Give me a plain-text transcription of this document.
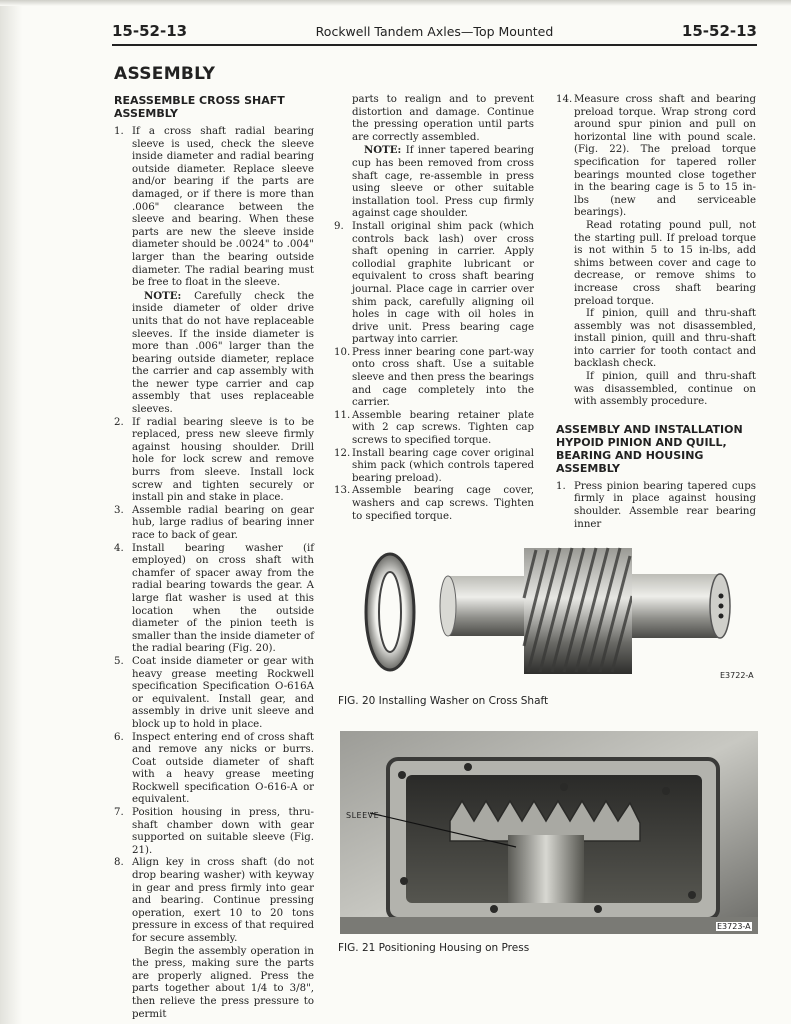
15-52-13	Rockwell Tandem Axles—Top Mounted	15-52-13
ASSEMBLY
REASSEMBLE CROSS SHAFT ASSEMBLY
1. If a cross shaft radial bearing sleeve is used, check the sleeve inside diameter and radial bearing outside diameter. Replace sleeve and/or bearing if the parts are damaged, or if there is more than .006" clearance between the sleeve and bearing. When these parts are new the sleeve inside diameter should be .0024" to .004" larger than the bearing outside diameter. The radial bearing must be free to float in the sleeve.

NOTE: Carefully check the inside diameter of older drive units that do not have replaceable sleeves. If the inside diameter is more than .006" larger than the bearing outside diameter, replace the carrier and cap assembly with the newer type carrier and cap assembly that uses replaceable sleeves.

2. If radial bearing sleeve is to be replaced, press new sleeve firmly against housing shoulder. Drill hole for lock screw and remove burrs from sleeve. Install lock screw and tighten securely or install pin and stake in place.
3. Assemble radial bearing on gear hub, large radius of bearing inner race to back of gear.
4. Install bearing washer (if employed) on cross shaft with chamfer of spacer away from the radial bearing towards the gear. A large flat washer is used at this location when the outside diameter of the pinion teeth is smaller than the inside diameter of the radial bearing (Fig. 20).
5. Coat inside diameter or gear with heavy grease meeting Rockwell specification Specification O-616A or equivalent. Install gear, and assembly in drive unit sleeve and block up to hold in place.
6. Inspect entering end of cross shaft and remove any nicks or burrs. Coat outside diameter of shaft with a heavy grease meeting Rockwell specification O-616-A or equivalent.
7. Position housing in press, thru-shaft chamber down with gear supported on suitable sleeve (Fig. 21).
8. Align key in cross shaft (do not drop bearing washer) with keyway in gear and press firmly into gear and bearing. Continue pressing operation, exert 10 to 20 tons pressure in excess of that required for secure assembly.

Begin the assembly operation in the press, making sure the parts are properly aligned. Press the parts together about 1/4 to 3/8", then relieve the press pressure to permit

parts to realign and to prevent distortion and damage. Continue the pressing operation until parts are correctly assembled.

NOTE: If inner tapered bearing cup has been removed from cross shaft cage, re-assemble in press using sleeve or other suitable installation tool. Press cup firmly against cage shoulder.

9. Install original shim pack (which controls back lash) over cross shaft opening in carrier. Apply collodial graphite lubricant or equivalent to cross shaft bearing journal. Place cage in carrier over shim pack, carefully aligning oil holes in cage with oil holes in drive unit. Press bearing cage partway into carrier.
10. Press inner bearing cone part-way onto cross shaft. Use a suitable sleeve and then press the bearings and cage completely into the carrier.
11. Assemble bearing retainer plate with 2 cap screws. Tighten cap screws to specified torque.
12. Install bearing cage cover original shim pack (which controls tapered bearing preload).
13. Assemble bearing cage cover, washers and cap screws. Tighten to specified torque.
14. Measure cross shaft and bearing preload torque. Wrap strong cord around spur pinion and pull on horizontal line with pound scale. (Fig. 22). The preload torque specification for tapered roller bearings mounted close together in the bearing cage is 5 to 15 in-lbs (new and serviceable bearings).

Read rotating pound pull, not the starting pull. If preload torque is not within 5 to 15 in-lbs, add shims between cover and cage to decrease, or remove shims to increase cross shaft bearing preload torque.

If pinion, quill and thru-shaft assembly was not disassembled, install pinion, quill and thru-shaft into carrier for tooth contact and backlash check.

If pinion, quill and thru-shaft was disassembled, continue on with assembly procedure.

ASSEMBLY AND INSTALLATION HYPOID PINION AND QUILL, BEARING AND HOUSING ASSEMBLY
1. Press pinion bearing tapered cups firmly in place against housing shoulder. Assemble rear bearing inner
E3722-A
FIG. 20 Installing Washer on Cross Shaft
SLEEVE
E3723-A
FIG. 21 Positioning Housing on Press
